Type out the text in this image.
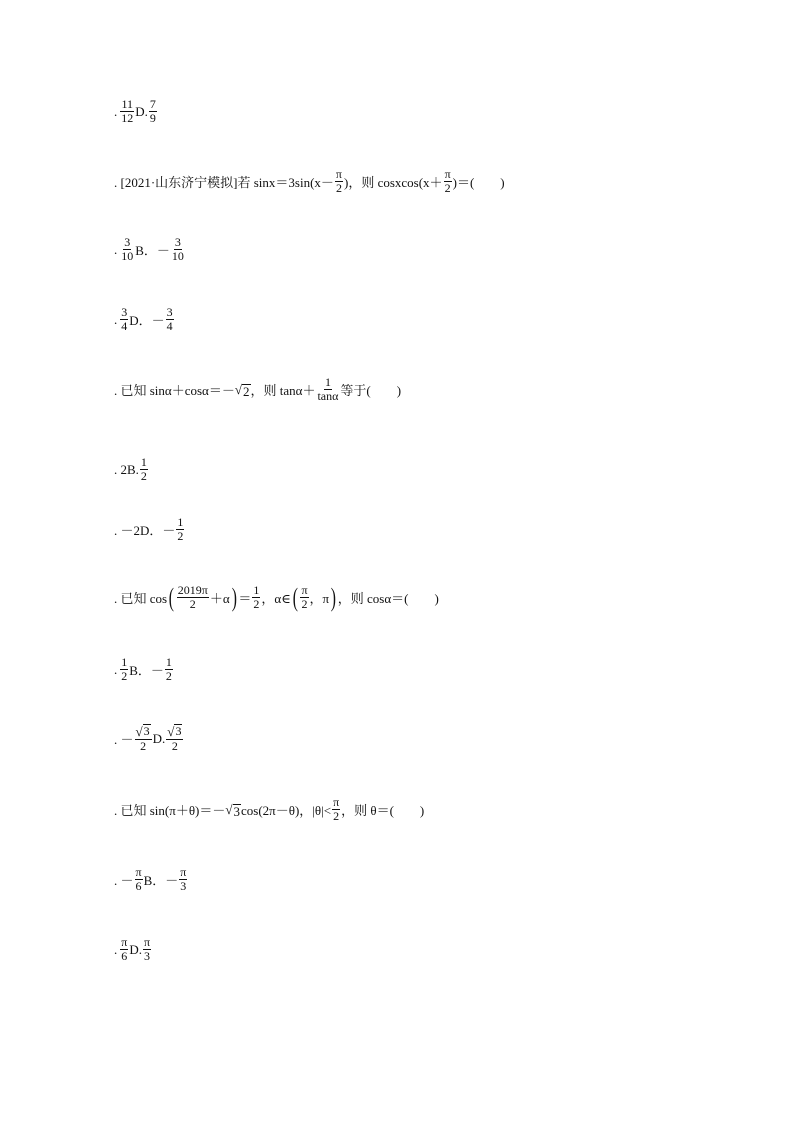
. $\frac{11}{12} D$. $\frac{7}{9}$
. [2021·山东济宁模拟]若 $\sin x=3\sin(x- \frac{\pi}{2}$ )，则 cosxcos(x＋ $\frac{\pi}{2}$ )＝(　　)
. $\frac{3}{10}$ B．－ $\frac{3}{10}$
. $\frac{3}{4}$ D．－ $\frac{3}{4}$
. 已知 sinα＋cosα＝－ √ 2 ，则 $\tan\alpha+ \frac{1}{\tan\alpha}$ 等于(　　)
. 2B. $\frac{1}{2}$
. －2D．－ $\frac{1}{2}$
. 已知 cos ( $\frac{2019\pi}{2} +\alpha$ ) ＝ $\frac{1}{2}$ ，α∈ ( $\frac{\pi}{2}$ ，π ) ，则 cosα＝(　　)
. $\frac{1}{2}$ B．－ $\frac{1}{2}$
. － $\frac{√ 3}{2} D$. $\frac{√ 3}{2}$
. 已知 sin(π＋θ)＝－ √ 3 cos(2π－θ)，$|\theta|< \frac{\pi}{2}$ ，则 θ＝(　　)
. － $\frac{\pi}{6}$ B．－ $\frac{\pi}{3}$
. $\frac{\pi}{6} D$. $\frac{\pi}{3}$
